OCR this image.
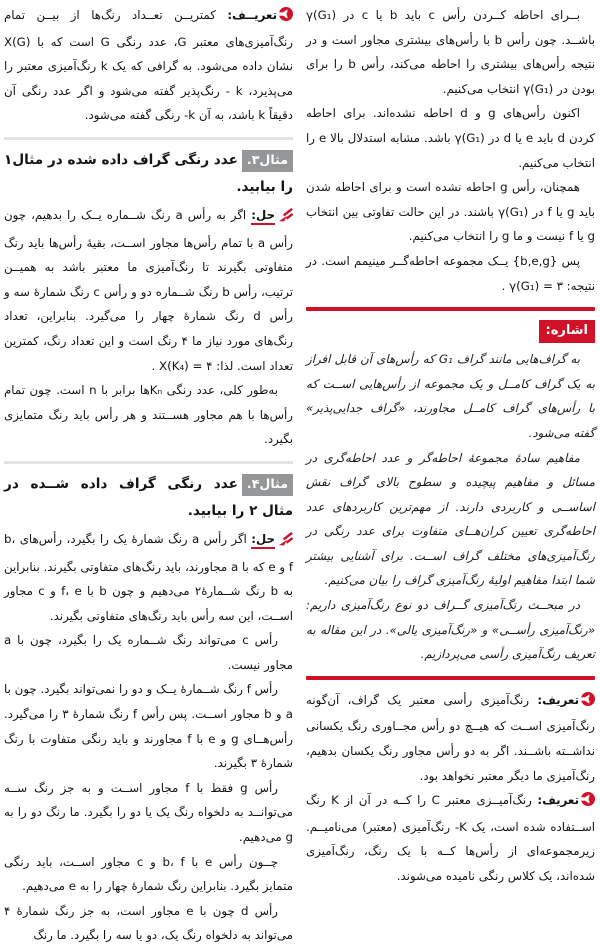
بــرای احاطه کــردن رأس c باید b یا c در γ(G₁) باشــد. چون رأس b با رأس‌های بیشتری مجاور است و در نتیجه رأس‌های بیشتری را احاطه می‌کند، رأس b را برای بودن در γ(G₁) انتخاب می‌کنیم.

اکنون رأس‌های g و d احاطه نشده‌اند. برای احاطه کردن d باید e یا d در γ(G₁) باشد. مشابه استدلال بالا e را انتخاب می‌کنیم.

همچنان، رأس g احاطه نشده است و برای احاطه شدن باید g یا f در γ(G₁) باشند. در این حالت تفاوتی بین انتخاب g یا f نیست و ما g را انتخاب می‌کنیم.

پس {b,e,g} یــک مجموعه احاطه‌گــر مینیمم است. در نتیجه: γ(G₁) = ۳ .

اشاره:

به گراف‌هایی مانند گراف G₁ که رأس‌های آن قابل افراز به یک گراف کامــل و یک مجموعه از رأس‌هایی اســت که با رأس‌های گراف کامــل مجاورند، «گراف جدایی‌پذیر» گفته می‌شود.

مفاهیم سادهٔ مجموعهٔ احاطه‌گر و عدد احاطه‌گری در مسائل و مفاهیم پیچیده و سطوح بالای گراف نقش اساســی و کاربردی دارند. از مهم‌ترین کاربردهای عدد احاطه‌گری تعیین کران‌هــای متفاوت برای عدد رنگی در رنگ‌آمیزی‌های مختلف گراف اســت. برای آشنایی بیشتر شما ابتدا مفاهیم اولیهٔ رنگ‌آمیزی گراف را بیان می‌کنیم.

در مبحــث رنگ‌آمیزی گــراف دو نوع رنگ‌آمیزی داریم: «رنگ‌آمیزی رأســی» و «رنگ‌آمیزی یالی». در این مقاله به تعریف رنگ‌آمیزی رأسی می‌پردازیم.

تعریف: رنگ‌آمیزی رأسی معتبر یک گراف، آن‌گونه رنگ‌آمیزی اســت که هیــچ دو رأس مجــاوری رنگ یکسانی نداشــته باشــند. اگر به دو رأس مجاور رنگ یکسان بدهیم، رنگ‌آمیزی ما دیگر معتبر نخواهد بود.

تعریف: رنگ‌آمیــزی معتبر C را کــه در آن از K رنگ اســتفاده شده است، یک K- رنگ‌آمیزی (معتبر) می‌نامیــم. زیرمجموعه‌ای از رأس‌ها کــه با یک رنگ، رنگ‌آمیزی شده‌اند، یک کلاس رنگی نامیده می‌شوند.

تعریــف: کمتریــن تعــداد رنگ‌ها از بیــن تمام رنگ‌آمیزی‌های معتبر G، عدد رنگی G است که با X(G) نشان داده می‌شود. به گرافی که یک k رنگ‌آمیزی معتبر را می‌پذیرد، k - رنگ‌پذیر گفته می‌شود و اگر عدد رنگی آن دقیقاً k باشد، به آن k- رنگی گفته می‌شود.

مثال۳.عدد رنگی گراف داده شده در مثال۱ را بیابید.

حل: اگر به رأس a رنگ شــماره یــک را بدهیم، چون رأس a با تمام رأس‌ها مجاور اســت، بقیهٔ رأس‌ها باید رنگ متفاوتی بگیرند تا رنگ‌آمیزی ما معتبر باشد به همیــن ترتیب، رأس b رنگ شــماره دو و رأس c رنگ شمارهٔ سه و رأس d رنگ شمارهٔ چهار را می‌گیرد. بنابراین، تعداد رنگ‌های مورد نیاز ما ۴ رنگ است و این تعداد رنگ، کمترین تعداد است. لذا: X(K₄) = ۴ .

به‌طور کلی، عدد رنگی Kₙها برابر با n است. چون تمام رأس‌ها با هم مجاور هســتند و هر رأس باید رنگ متمایزی بگیرد.

مثال۴.عدد رنگی گراف داده شــده در مثال ۲ را بیابید.

حل: اگر رأس a رنگ شمارهٔ یک را بگیرد، رأس‌های b، f و e که با a مجاورند، باید رنگ‌های متفاوتی بگیرند. بنابراین به b رنگ شــمارهٔ۲ می‌دهیم و چون b با f، e و c مجاور اســت، این سه رأس باید رنگ‌های متفاوتی بگیرند.

رأس c می‌تواند رنگ شــماره یک را بگیرد، چون با a مجاور نیست.

رأس f رنگ شــمارهٔ یــک و دو را نمی‌تواند بگیرد. چون با a و b مجاور اســت. پس رأس f رنگ شمارهٔ ۳ را می‌گیرد. رأس‌هــای g و e با f مجاورند و باید رنگی متفاوت با رنگ شمارهٔ ۳ بگیرند.

رأس g فقط با f مجاور اســت و به جز رنگ ســه می‌توانــد به دلخواه رنگ یک یا دو را بگیرد. ما رنگ دو را به g می‌دهیم.

چــون رأس e با b، f و c مجاور اســت، باید رنگی متمایز بگیرد. بنابراین رنگ شمارهٔ چهار را به e می‌دهیم.

رأس d چون با e مجاور است، به جز رنگ شمارهٔ ۴ می‌تواند به دلخواه رنگ یک، دو یا سه را بگیرد. ما رنگ
